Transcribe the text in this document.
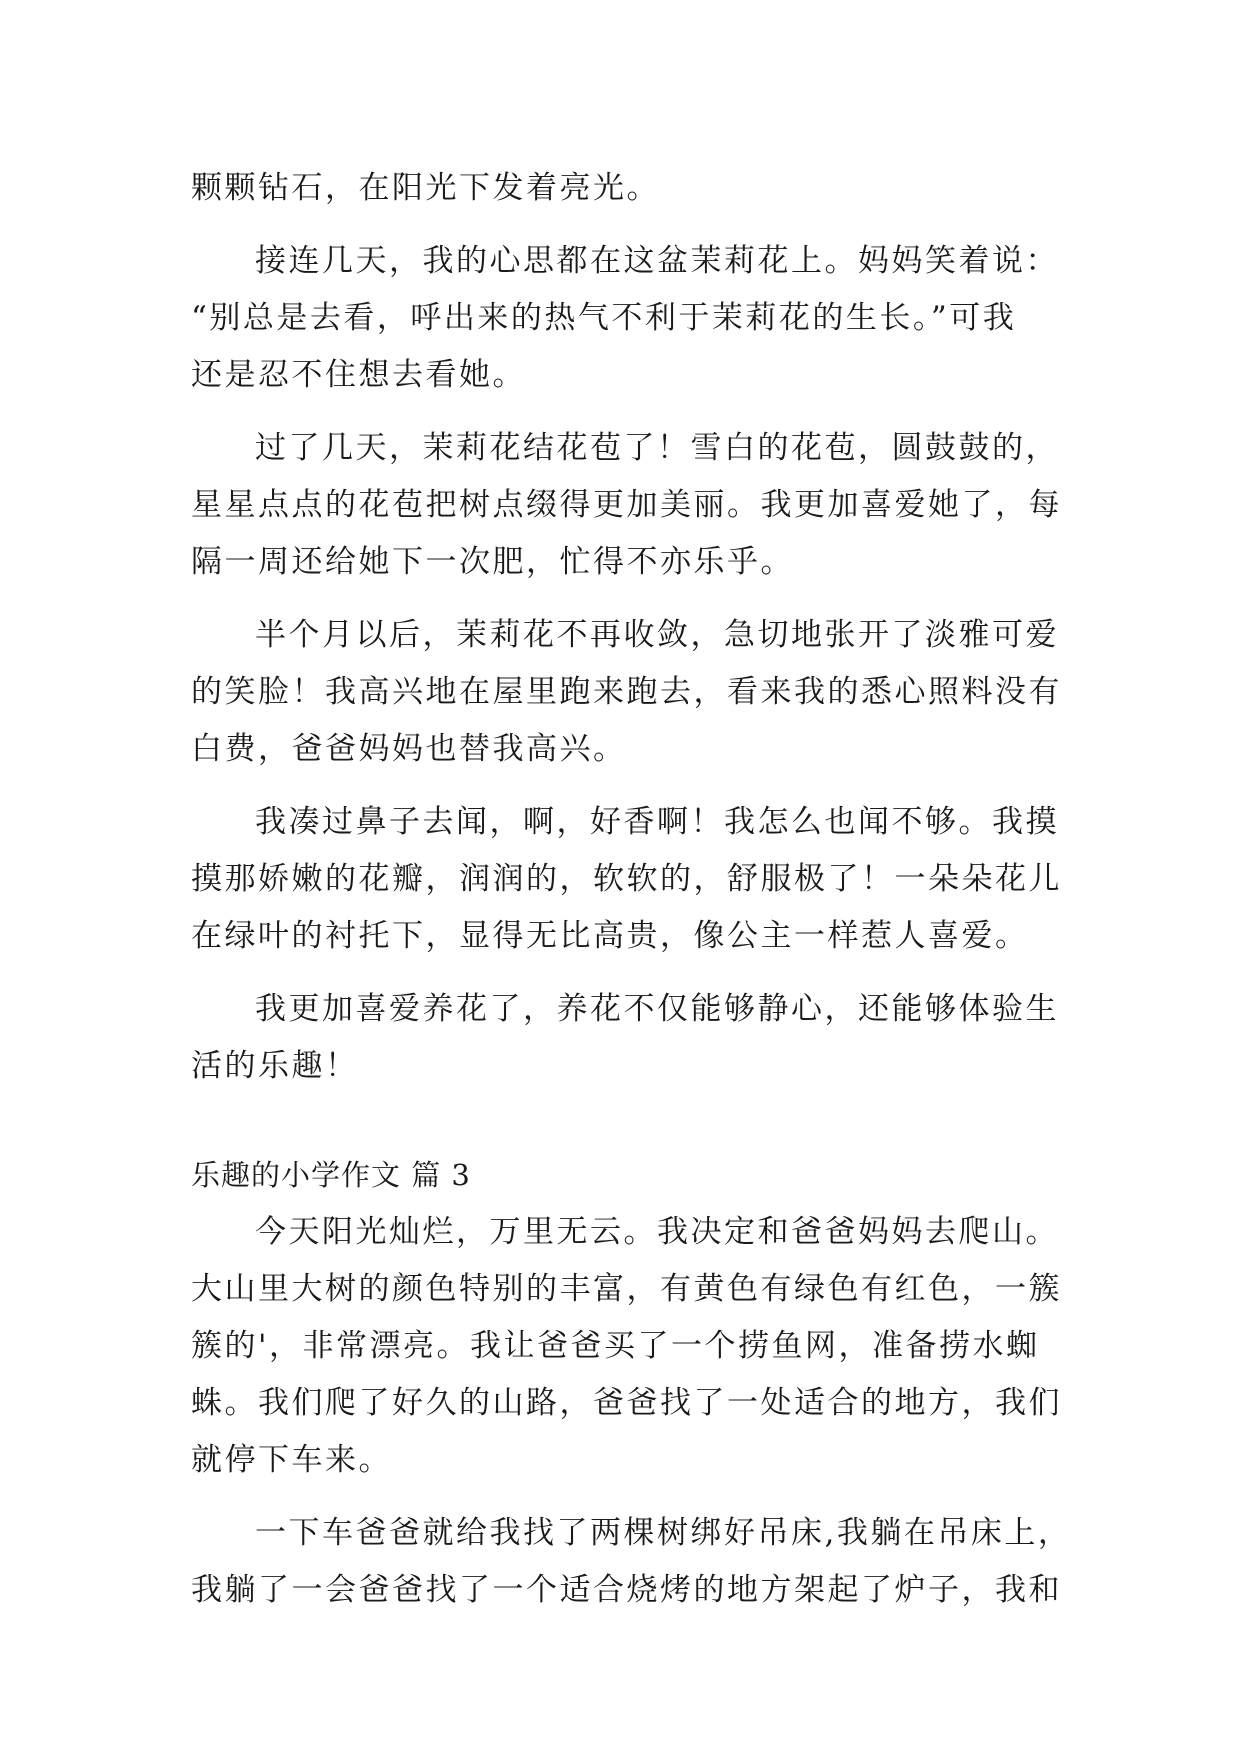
颗颗钻石，在阳光下发着亮光。
接连几天，我的心思都在这盆茉莉花上。妈妈笑着说：
“别总是去看，呼出来的热气不利于茉莉花的生长。”可我
还是忍不住想去看她。
过了几天，茉莉花结花苞了！雪白的花苞，圆鼓鼓的，
星星点点的花苞把树点缀得更加美丽。我更加喜爱她了，每
隔一周还给她下一次肥，忙得不亦乐乎。
半个月以后，茉莉花不再收敛，急切地张开了淡雅可爱
的笑脸！我高兴地在屋里跑来跑去，看来我的悉心照料没有
白费，爸爸妈妈也替我高兴。
我凑过鼻子去闻，啊，好香啊！我怎么也闻不够。我摸
摸那娇嫩的花瓣，润润的，软软的，舒服极了！一朵朵花儿
在绿叶的衬托下，显得无比高贵，像公主一样惹人喜爱。
我更加喜爱养花了，养花不仅能够静心，还能够体验生
活的乐趣！
乐趣的小学作文 篇 3
今天阳光灿烂，万里无云。我决定和爸爸妈妈去爬山。
大山里大树的颜色特别的丰富，有黄色有绿色有红色，一簇
簇的'，非常漂亮。我让爸爸买了一个捞鱼网，准备捞水蜘
蛛。我们爬了好久的山路，爸爸找了一处适合的地方，我们
就停下车来。
一下车爸爸就给我找了两棵树绑好吊床,我躺在吊床上，
我躺了一会爸爸找了一个适合烧烤的地方架起了炉子，我和
